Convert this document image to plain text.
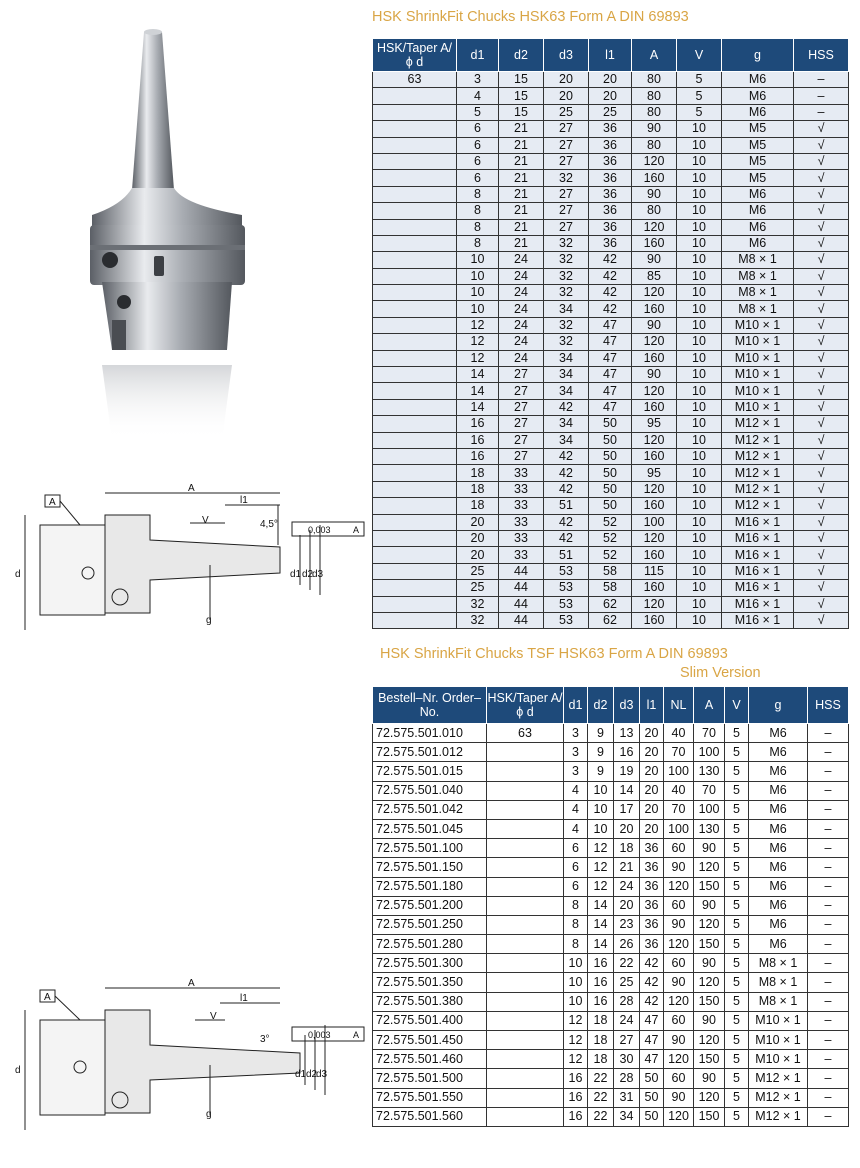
A
A
l1
V	4,5°	0,003 A
d	d1 d2
d3
g
A
A
l1
V
3°	0,003 A
d	d1 d2
d3
g
HSK ShrinkFit Chucks HSK63 Form A DIN 69893
HSK/Taper A/ ϕ d	d1	d2	d3	l1	A	V	g	HSS
63	3	15	20	20	80	5	M6	–
	4	15	20	20	80	5	M6	–
	5	15	25	25	80	5	M6	–
	6	21	27	36	90	10	M5	√
	6	21	27	36	80	10	M5	√
	6	21	27	36	120	10	M5	√
	6	21	32	36	160	10	M5	√
	8	21	27	36	90	10	M6	√
	8	21	27	36	80	10	M6	√
	8	21	27	36	120	10	M6	√
	8	21	32	36	160	10	M6	√
	10	24	32	42	90	10	M8 × 1	√
	10	24	32	42	85	10	M8 × 1	√
	10	24	32	42	120	10	M8 × 1	√
	10	24	34	42	160	10	M8 × 1	√
	12	24	32	47	90	10	M10 × 1	√
	12	24	32	47	120	10	M10 × 1	√
	12	24	34	47	160	10	M10 × 1	√
	14	27	34	47	90	10	M10 × 1	√
	14	27	34	47	120	10	M10 × 1	√
	14	27	42	47	160	10	M10 × 1	√
	16	27	34	50	95	10	M12 × 1	√
	16	27	34	50	120	10	M12 × 1	√
	16	27	42	50	160	10	M12 × 1	√
	18	33	42	50	95	10	M12 × 1	√
	18	33	42	50	120	10	M12 × 1	√
	18	33	51	50	160	10	M12 × 1	√
	20	33	42	52	100	10	M16 × 1	√
	20	33	42	52	120	10	M16 × 1	√
	20	33	51	52	160	10	M16 × 1	√
	25	44	53	58	115	10	M16 × 1	√
	25	44	53	58	160	10	M16 × 1	√
	32	44	53	62	120	10	M16 × 1	√
	32	44	53	62	160	10	M16 × 1	√
HSK ShrinkFit Chucks TSF HSK63 Form A DIN 69893
Slim Version
Bestell–Nr. Order–No.	HSK/Taper A/ ϕ d	d1	d2	d3	l1	NL	A	V	g	HSS
72.575.501.010	63	3	9	13	20	40	70	5	M6	–
72.575.501.012		3	9	16	20	70	100	5	M6	–
72.575.501.015		3	9	19	20	100	130	5	M6	–
72.575.501.040		4	10	14	20	40	70	5	M6	–
72.575.501.042		4	10	17	20	70	100	5	M6	–
72.575.501.045		4	10	20	20	100	130	5	M6	–
72.575.501.100		6	12	18	36	60	90	5	M6	–
72.575.501.150		6	12	21	36	90	120	5	M6	–
72.575.501.180		6	12	24	36	120	150	5	M6	–
72.575.501.200		8	14	20	36	60	90	5	M6	–
72.575.501.250		8	14	23	36	90	120	5	M6	–
72.575.501.280		8	14	26	36	120	150	5	M6	–
72.575.501.300		10	16	22	42	60	90	5	M8 × 1	–
72.575.501.350		10	16	25	42	90	120	5	M8 × 1	–
72.575.501.380		10	16	28	42	120	150	5	M8 × 1	–
72.575.501.400		12	18	24	47	60	90	5	M10 × 1	–
72.575.501.450		12	18	27	47	90	120	5	M10 × 1	–
72.575.501.460		12	18	30	47	120	150	5	M10 × 1	–
72.575.501.500		16	22	28	50	60	90	5	M12 × 1	–
72.575.501.550		16	22	31	50	90	120	5	M12 × 1	–
72.575.501.560		16	22	34	50	120	150	5	M12 × 1	–
